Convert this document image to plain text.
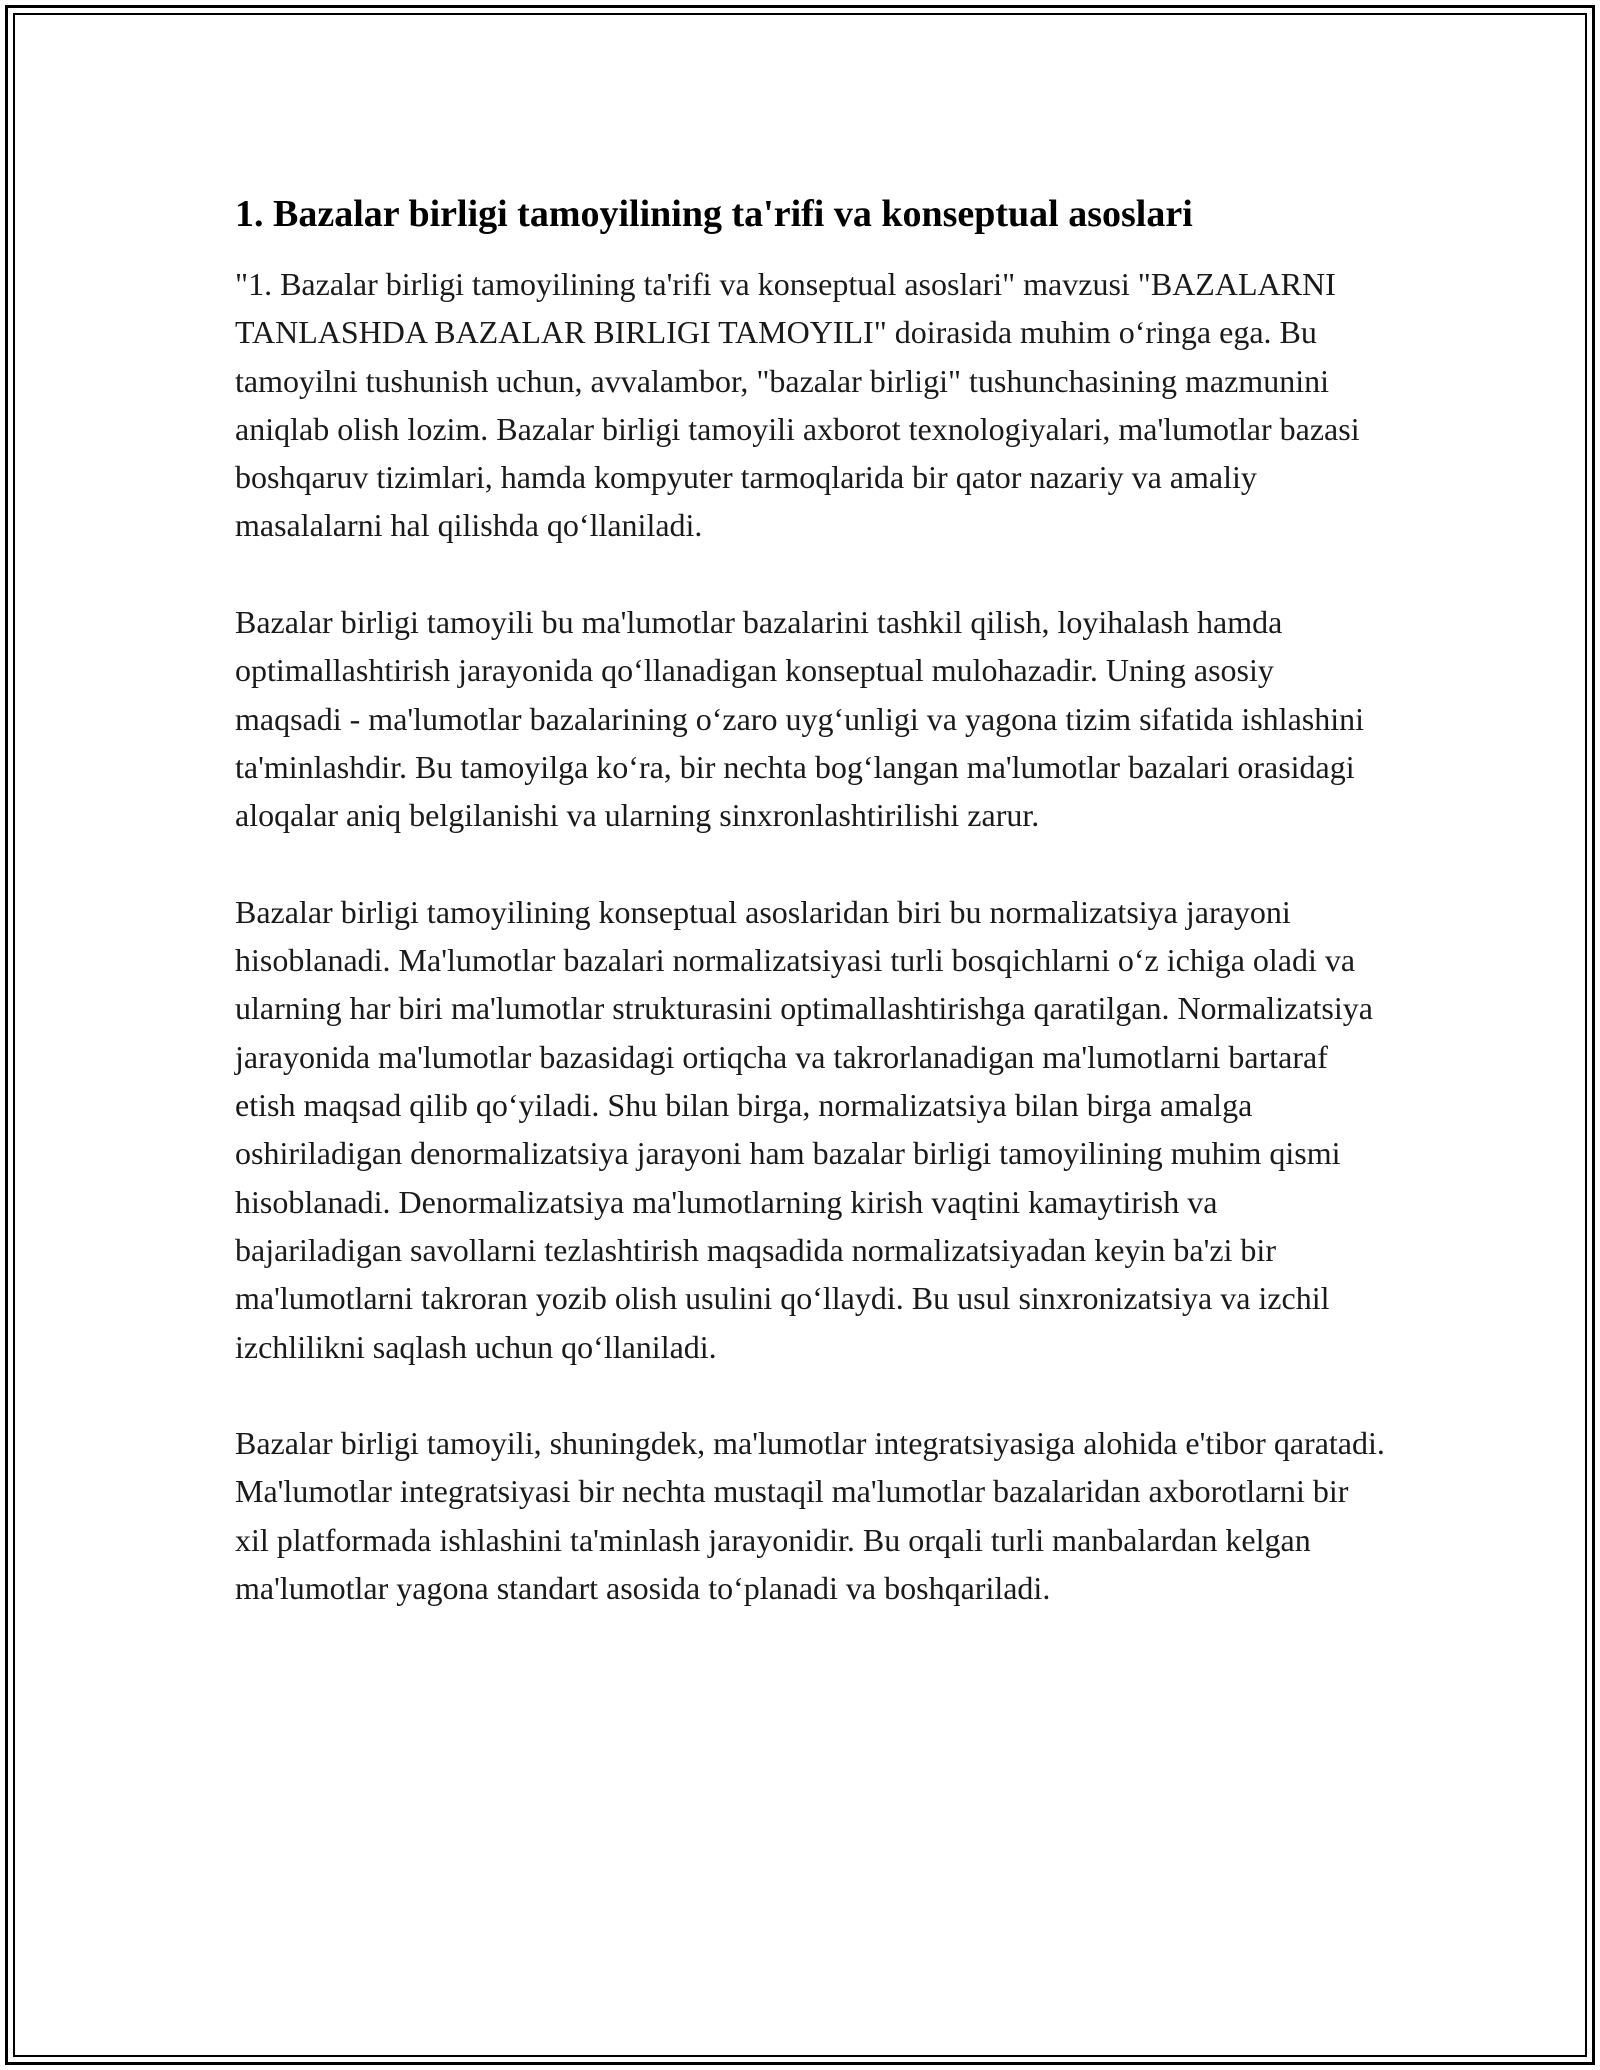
1. Bazalar birligi tamoyilining ta'rifi va konseptual asoslari

"1. Bazalar birligi tamoyilining ta'rifi va konseptual asoslari" mavzusi "BAZALARNI TANLASHDA BAZALAR BIRLIGI TAMOYILI" doirasida muhim oʻringa ega. Bu tamoyilni tushunish uchun, avvalambor, "bazalar birligi" tushunchasining mazmunini aniqlab olish lozim. Bazalar birligi tamoyili axborot texnologiyalari, ma'lumotlar bazasi boshqaruv tizimlari, hamda kompyuter tarmoqlarida bir qator nazariy va amaliy masalalarni hal qilishda qoʻllaniladi.

Bazalar birligi tamoyili bu ma'lumotlar bazalarini tashkil qilish, loyihalash hamda optimallashtirish jarayonida qoʻllanadigan konseptual mulohazadir. Uning asosiy maqsadi - ma'lumotlar bazalarining oʻzaro uygʻunligi va yagona tizim sifatida ishlashini ta'minlashdir. Bu tamoyilga koʻra, bir nechta bogʻlangan ma'lumotlar bazalari orasidagi aloqalar aniq belgilanishi va ularning sinxronlashtirilishi zarur.

Bazalar birligi tamoyilining konseptual asoslaridan biri bu normalizatsiya jarayoni hisoblanadi. Ma'lumotlar bazalari normalizatsiyasi turli bosqichlarni oʻz ichiga oladi va ularning har biri ma'lumotlar strukturasini optimallashtirishga qaratilgan. Normalizatsiya jarayonida ma'lumotlar bazasidagi ortiqcha va takrorlanadigan ma'lumotlarni bartaraf etish maqsad qilib qoʻyiladi. Shu bilan birga, normalizatsiya bilan birga amalga oshiriladigan denormalizatsiya jarayoni ham bazalar birligi tamoyilining muhim qismi hisoblanadi. Denormalizatsiya ma'lumotlarning kirish vaqtini kamaytirish va bajariladigan savollarni tezlashtirish maqsadida normalizatsiyadan keyin ba'zi bir ma'lumotlarni takroran yozib olish usulini qoʻllaydi. Bu usul sinxronizatsiya va izchil izchlilikni saqlash uchun qoʻllaniladi.

Bazalar birligi tamoyili, shuningdek, ma'lumotlar integratsiyasiga alohida e'tibor qaratadi. Ma'lumotlar integratsiyasi bir nechta mustaqil ma'lumotlar bazalaridan axborotlarni bir xil platformada ishlashini ta'minlash jarayonidir. Bu orqali turli manbalardan kelgan ma'lumotlar yagona standart asosida toʻplanadi va boshqariladi.
